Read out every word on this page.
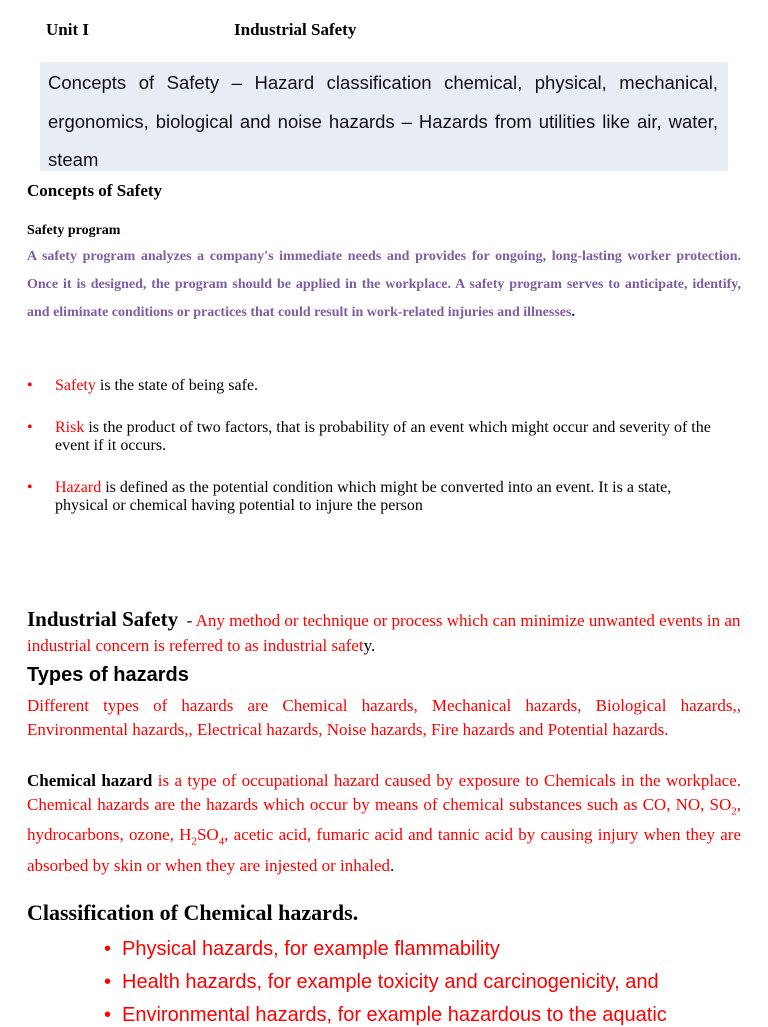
Unit I	Industrial Safety

Concepts of Safety – Hazard classification chemical, physical, mechanical, ergonomics, biological and noise hazards – Hazards from utilities like air, water, steam

Concepts of Safety
Safety program
A safety program analyzes a company's immediate needs and provides for ongoing, long-lasting worker protection. Once it is designed, the program should be applied in the workplace. A safety program serves to anticipate, identify, and eliminate conditions or practices that could result in work-related injuries and illnesses.
• Safety is the state of being safe.
• Risk is the product of two factors, that is probability of an event which might occur and severity of the event if it occurs.
• Hazard is defined as the potential condition which might be converted into an event. It is a state, physical or chemical having potential to injure the person
Industrial Safety  - Any method or technique or process which can minimize unwanted events in an industrial concern is referred to as industrial safety.
Types of hazards
Different types of hazards are Chemical hazards, Mechanical hazards, Biological hazards,, Environmental hazards,, Electrical hazards, Noise hazards, Fire hazards and Potential hazards.
Chemical hazard is a type of occupational hazard caused by exposure to Chemicals in the workplace. Chemical hazards are the hazards which occur by means of chemical substances such as CO, NO, $SO_2$, hydrocarbons, ozone, $H_2SO_4$, acetic acid, fumaric acid and tannic acid by causing injury when they are absorbed by skin or when they are injested or inhaled.
Classification of Chemical hazards.
• Physical hazards, for example flammability
• Health hazards, for example toxicity and carcinogenicity, and
• Environmental hazards, for example hazardous to the aquatic
